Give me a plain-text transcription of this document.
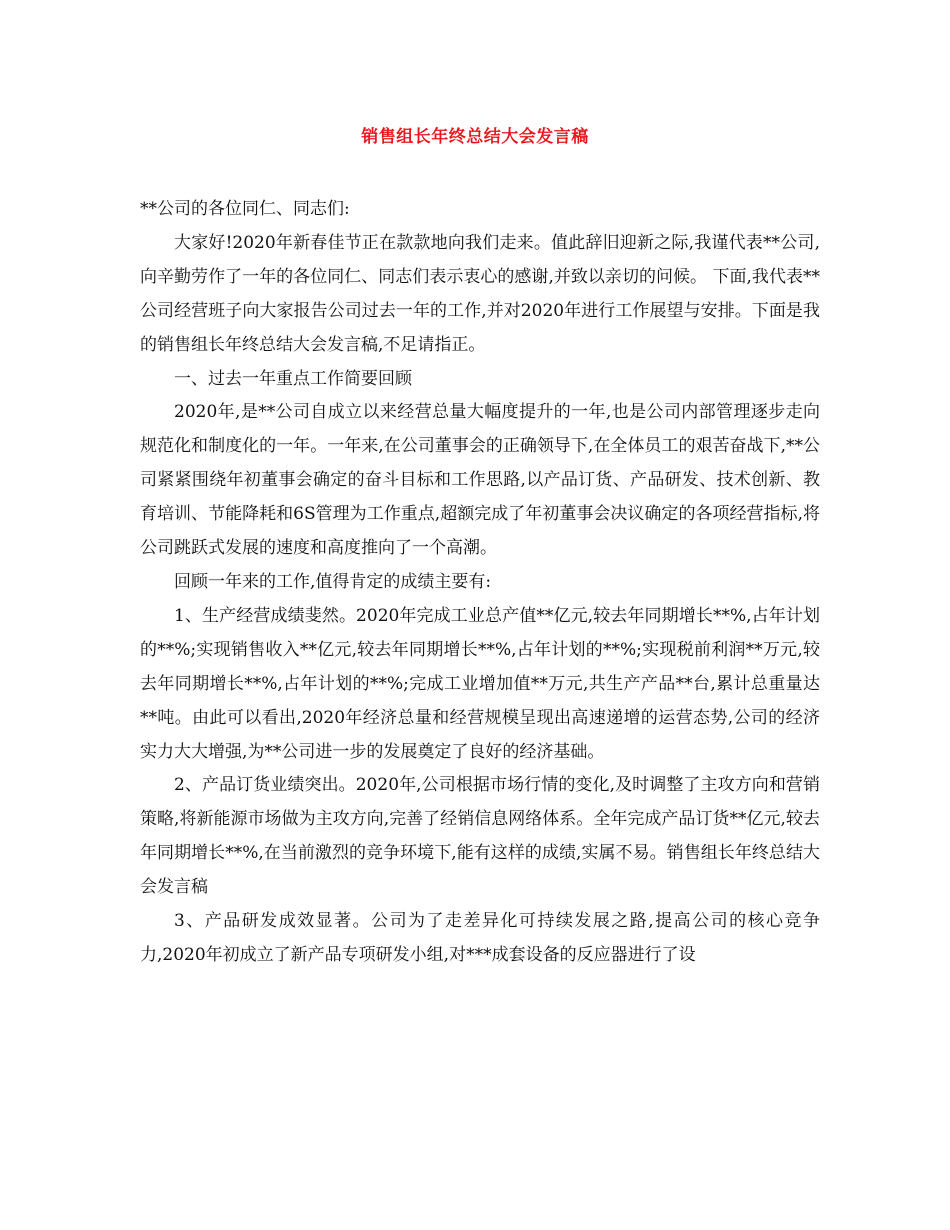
销售组长年终总结大会发言稿

**公司的各位同仁、同志们:

大家好!2020年新春佳节正在款款地向我们走来。值此辞旧迎新之际,我谨代表**公司,向辛勤劳作了一年的各位同仁、同志们表示衷心的感谢,并致以亲切的问候。 下面,我代表**公司经营班子向大家报告公司过去一年的工作,并对2020年进行工作展望与安排。下面是我的销售组长年终总结大会发言稿,不足请指正。

一、过去一年重点工作简要回顾

2020年,是**公司自成立以来经营总量大幅度提升的一年,也是公司内部管理逐步走向规范化和制度化的一年。一年来,在公司董事会的正确领导下,在全体员工的艰苦奋战下,**公司紧紧围绕年初董事会确定的奋斗目标和工作思路,以产品订货、产品研发、技术创新、教育培训、节能降耗和6S管理为工作重点,超额完成了年初董事会决议确定的各项经营指标,将公司跳跃式发展的速度和高度推向了一个高潮。

回顾一年来的工作,值得肯定的成绩主要有:

1、生产经营成绩斐然。2020年完成工业总产值**亿元,较去年同期增长**%,占年计划的**%;实现销售收入**亿元,较去年同期增长**%,占年计划的**%;实现税前利润**万元,较去年同期增长**%,占年计划的**%;完成工业增加值**万元,共生产产品**台,累计总重量达**吨。由此可以看出,2020年经济总量和经营规模呈现出高速递增的运营态势,公司的经济实力大大增强,为**公司进一步的发展奠定了良好的经济基础。

2、产品订货业绩突出。2020年,公司根据市场行情的变化,及时调整了主攻方向和营销策略,将新能源市场做为主攻方向,完善了经销信息网络体系。全年完成产品订货**亿元,较去年同期增长**%,在当前激烈的竞争环境下,能有这样的成绩,实属不易。销售组长年终总结大会发言稿

3、产品研发成效显著。公司为了走差异化可持续发展之路,提高公司的核心竞争力,2020年初成立了新产品专项研发小组,对***成套设备的反应器进行了设
